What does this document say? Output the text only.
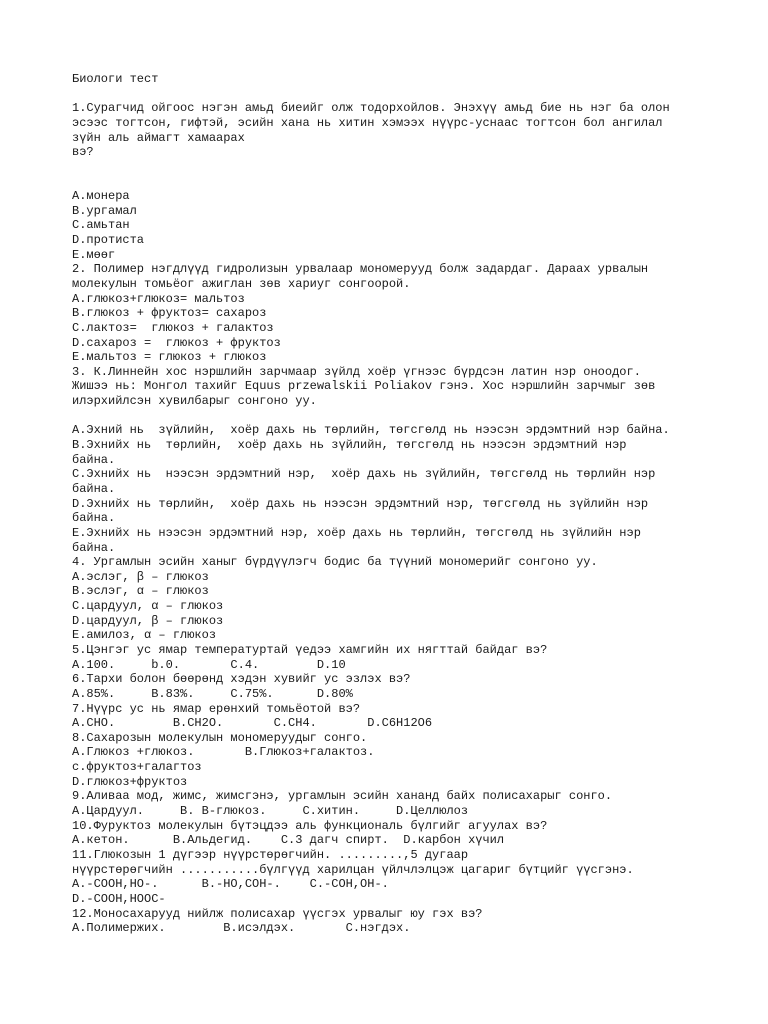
Биологи тест
1.Сурагчид ойгоос нэгэн амьд биеийг олж тодорхойлов. Энэхүү амьд бие нь нэг ба олон
эсээс тогтсон, гифтэй, эсийн хана нь хитин хэмээх нүүрс-уснаас тогтсон бол ангилал
зүйн аль аймагт хамаарах
вэ?
A.монера
B.ургамал
C.амьтан
D.протиста
E.мөөг
2. Полимер нэгдлүүд гидролизын урвалаар мономерууд болж задардаг. Дараах урвалын
молекулын томьёог ажиглан зөв хариуг сонгоорой.
A.глюкоз+глюкоз= мальтоз
B.глюкоз + фруктоз= сахароз
C.лактоз=  глюкоз + галактоз
D.сахароз =  глюкоз + фруктоз
E.мальтоз = глюкоз + глюкоз
3. К.Линнейн хос нэршлийн зарчмаар зүйлд хоёр үгнээс бүрдсэн латин нэр оноодог.
Жишээ нь: Монгол тахийг Equus przewalskii Poliakov гэнэ. Хос нэршлийн зарчмыг зөв
илэрхийлсэн хувилбарыг сонгоно уу.
A.Эхний нь  зүйлийн,  хоёр дахь нь төрлийн, төгсгөлд нь нээсэн эрдэмтний нэр байна.
B.Эхнийх нь  төрлийн,  хоёр дахь нь зүйлийн, төгсгөлд нь нээсэн эрдэмтний нэр
байна.
C.Эхнийх нь  нээсэн эрдэмтний нэр,  хоёр дахь нь зүйлийн, төгсгөлд нь төрлийн нэр
байна.
D.Эхнийх нь төрлийн,  хоёр дахь нь нээсэн эрдэмтний нэр, төгсгөлд нь зүйлийн нэр
байна.
E.Эхнийх нь нээсэн эрдэмтний нэр, хоёр дахь нь төрлийн, төгсгөлд нь зүйлийн нэр
байна.
4. Ургамлын эсийн ханыг бүрдүүлэгч бодис ба түүний мономерийг сонгоно уу.
A.эслэг, β – глюкоз
B.эслэг, α – глюкоз
C.цардуул, α – глюкоз
D.цардуул, β – глюкоз
E.амилоз, α – глюкоз
5.Цэнгэг ус ямар температуртай үедээ хамгийн их нягттай байдаг вэ?
A.100.     b.0.       C.4.        D.10
6.Тархи болон бөөрөнд хэдэн хувийг ус эзлэх вэ?
A.85%.     B.83%.     C.75%.      D.80%
7.Нүүрс ус нь ямар ерөнхий томьёотой вэ?
A.CHO.        B.CH2O.       C.CH4.       D.C6H12O6
8.Сахарозын молекулын мономеруудыг сонго.
A.Глюкоз +глюкоз.       B.Глюкоз+галактоз.
c.фруктоз+галагтоз
D.глюкоз+фруктоз
9.Аливаа мод, жимс, жимсгэнэ, ургамлын эсийн хананд байх полисахарыг сонго.
A.Цардуул.     B. B-глюкоз.     C.хитин.     D.Целлюлоз
10.Фуруктоз молекулын бүтэцдээ аль функциональ бүлгийг агуулах вэ?
A.кетон.      B.Альдегид.    C.3 дагч спирт.  D.карбон хүчил
11.Глюкозын 1 дүгээр нүүрстөрөгчийн. .........,5 дугаар
нүүрстөрөгчийн ...........бүлгүүд харилцан үйлчлэлцэж цагариг бүтцийг үүсгэнэ.
A.-COOH,HO-.      B.-HO,COH-.    C.-COH,OH-.
D.-COOH,HOOC-
12.Моносахарууд нийлж полисахар үүсгэх урвалыг юу гэх вэ?
A.Полимержих.        B.исэлдэх.       C.нэгдэх.
